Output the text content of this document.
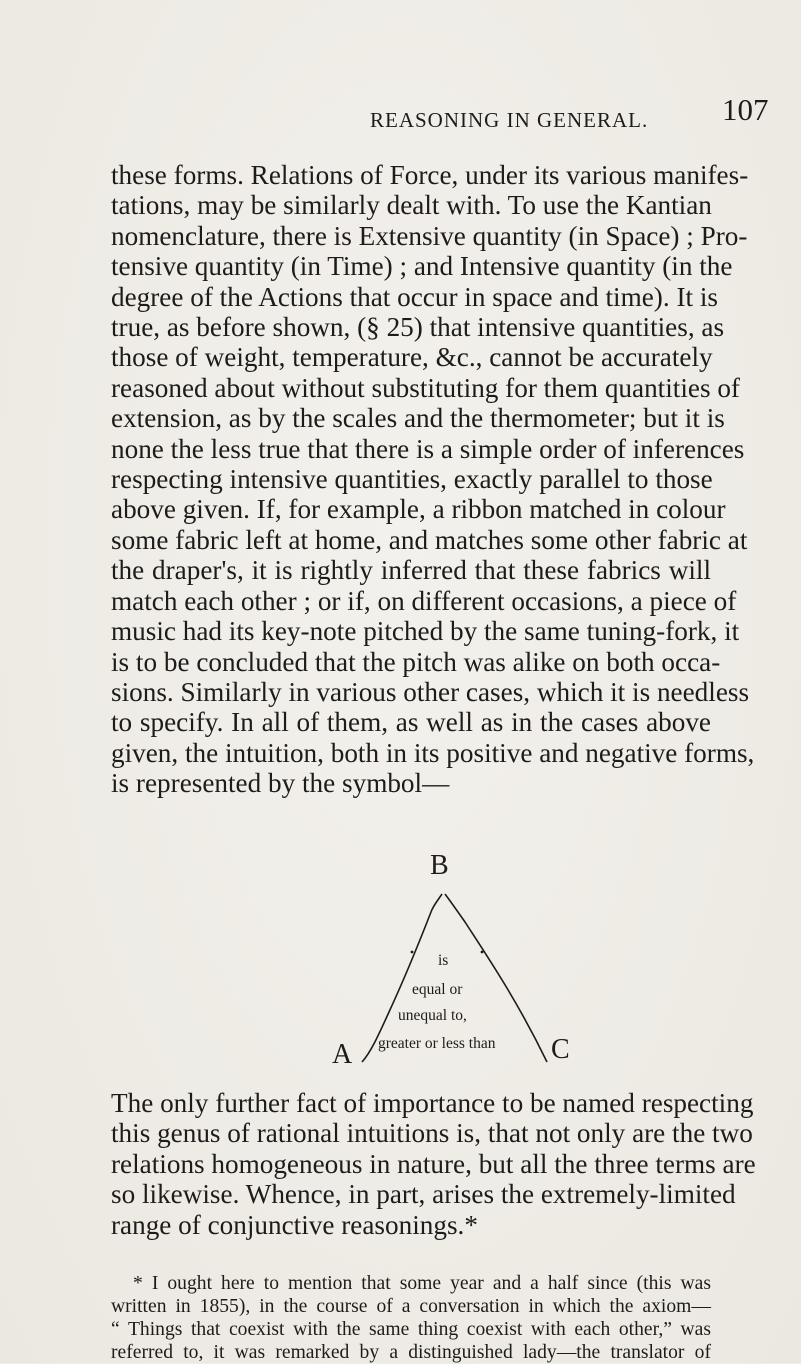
REASONING IN GENERAL. 107

these forms. Relations of Force, under its various manifes-
tations, may be similarly dealt with. To use the Kantian
nomenclature, there is Extensive quantity (in Space) ; Pro-
tensive quantity (in Time) ; and Intensive quantity (in the
degree of the Actions that occur in space and time). It is
true, as before shown, (§ 25) that intensive quantities, as
those of weight, temperature, &c., cannot be accurately
reasoned about without substituting for them quantities of
extension, as by the scales and the thermometer; but it is
none the less true that there is a simple order of inferences
respecting intensive quantities, exactly parallel to those
above given. If, for example, a ribbon matched in colour
some fabric left at home, and matches some other fabric at
the draper's, it is rightly inferred that these fabrics will
match each other ; or if, on different occasions, a piece of
music had its key-note pitched by the same tuning-fork, it
is to be concluded that the pitch was alike on both occa-
sions. Similarly in various other cases, which it is needless
to specify. In all of them, as well as in the cases above
given, the intuition, both in its positive and negative forms,
is represented by the symbol—

B
A	C
is
equal or
unequal to,
greater or less than

The only further fact of importance to be named respecting
this genus of rational intuitions is, that not only are the two
relations homogeneous in nature, but all the three terms are
so likewise. Whence, in part, arises the extremely-limited
range of conjunctive reasonings.*

* I ought here to mention that some year and a half since (this was
written in 1855), in the course of a conversation in which the axiom—
“ Things that coexist with the same thing coexist with each other,” was
referred to, it was remarked by a distinguished lady—the translator of
